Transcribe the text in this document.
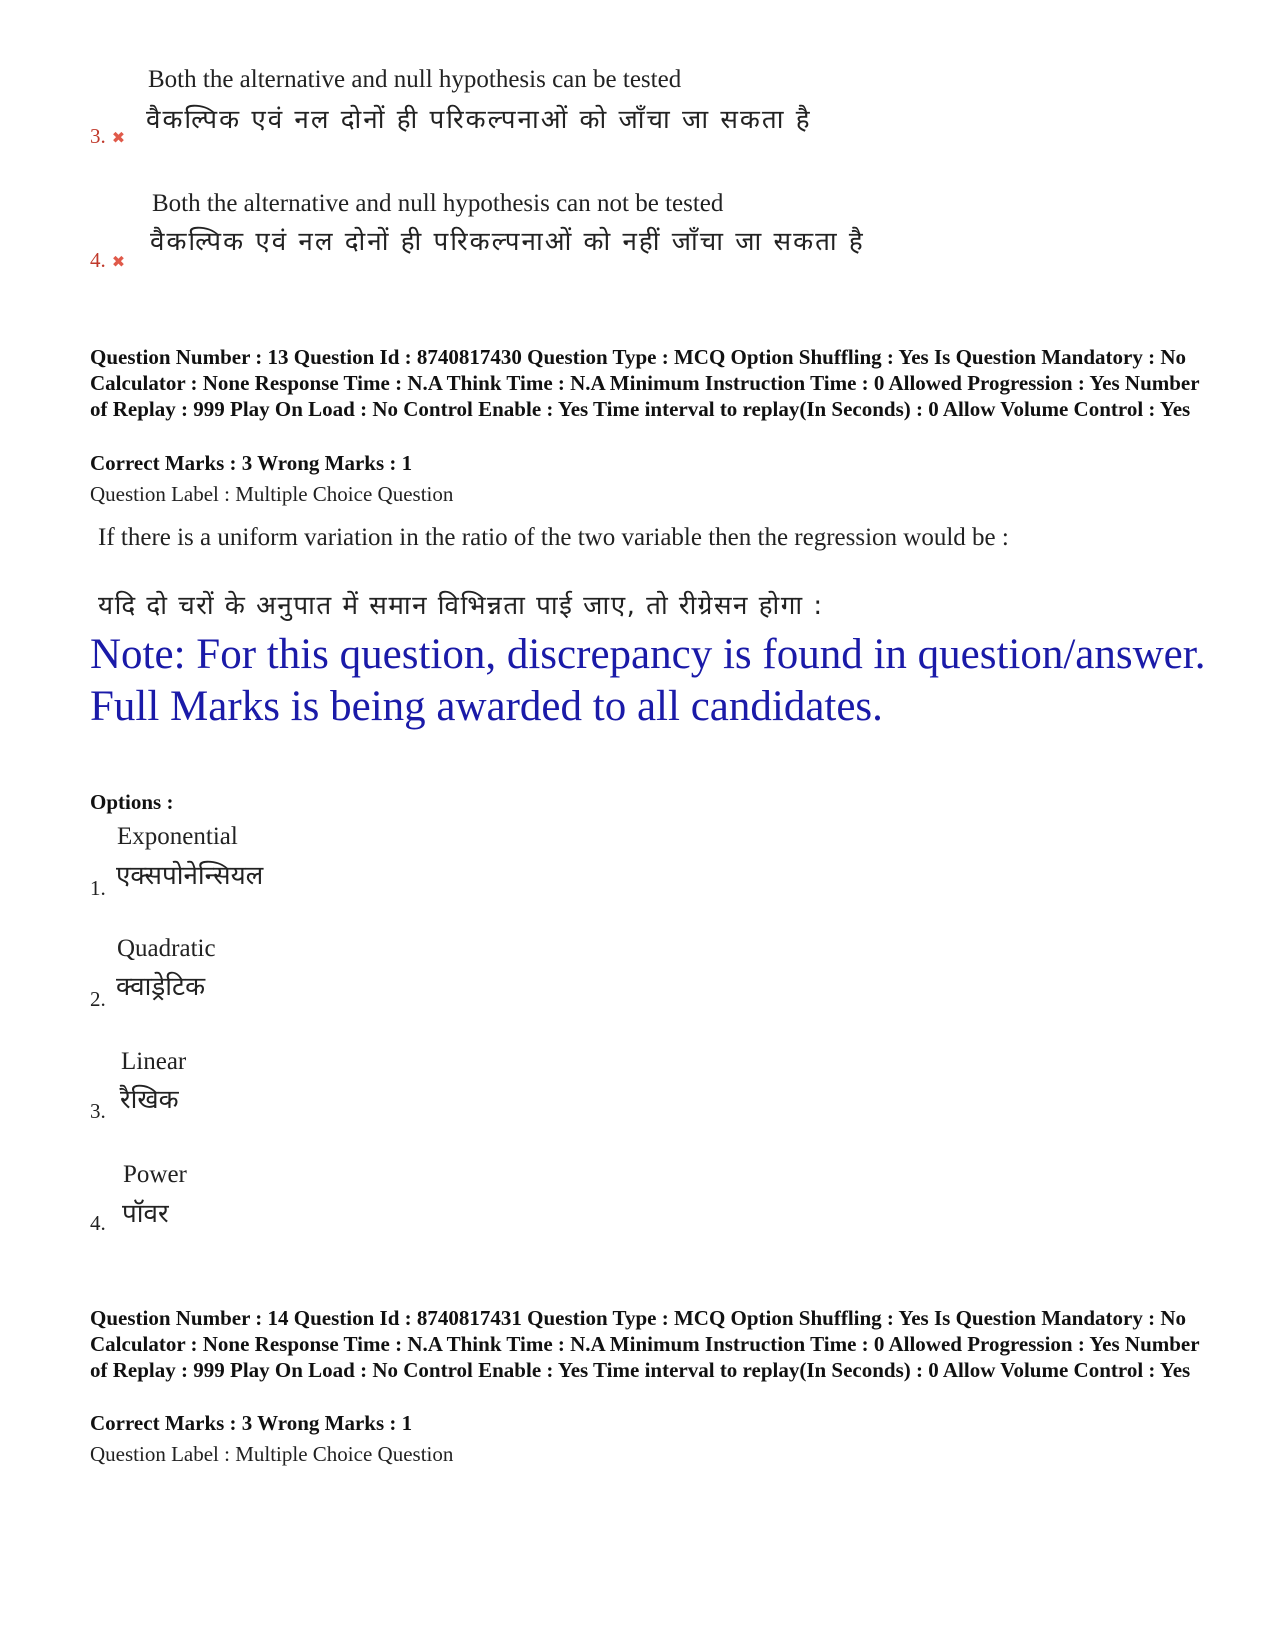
Both the alternative and null hypothesis can be tested
वैकल्पिक एवं नल दोनों ही परिकल्पनाओं को जाँचा जा सकता है
3. ✖
Both the alternative and null hypothesis can not be tested
वैकल्पिक एवं नल दोनों ही परिकल्पनाओं को नहीं जाँचा जा सकता है
4. ✖
Question Number : 13 Question Id : 8740817430 Question Type : MCQ Option Shuffling : Yes Is Question Mandatory : No Calculator : None Response Time : N.A Think Time : N.A Minimum Instruction Time : 0 Allowed Progression : Yes Number of Replay : 999 Play On Load : No Control Enable : Yes Time interval to replay(In Seconds) : 0 Allow Volume Control : Yes
Correct Marks : 3 Wrong Marks : 1
Question Label : Multiple Choice Question
If there is a uniform variation in the ratio of the two variable then the regression would be :
यदि दो चरों के अनुपात में समान विभिन्नता पाई जाए, तो रीग्रेसन होगा :
Note: For this question, discrepancy is found in question/answer. Full Marks is being awarded to all candidates.
Options :
Exponential
एक्सपोनेन्सियल
1.
Quadratic
क्वाड्रेटिक
2.
Linear
रैखिक
3.
Power
पॉवर
4.
Question Number : 14 Question Id : 8740817431 Question Type : MCQ Option Shuffling : Yes Is Question Mandatory : No Calculator : None Response Time : N.A Think Time : N.A Minimum Instruction Time : 0 Allowed Progression : Yes Number of Replay : 999 Play On Load : No Control Enable : Yes Time interval to replay(In Seconds) : 0 Allow Volume Control : Yes
Correct Marks : 3 Wrong Marks : 1
Question Label : Multiple Choice Question
